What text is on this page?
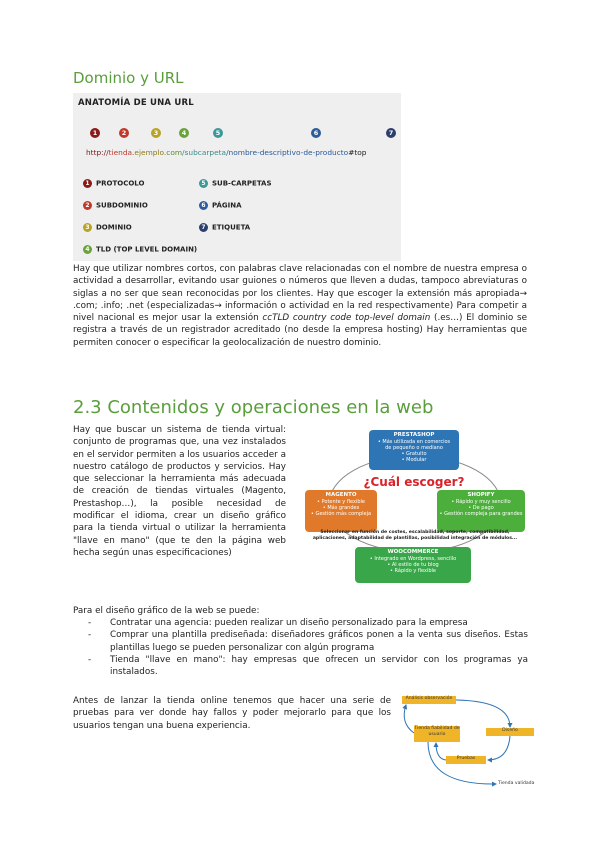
Dominio y URL
ANATOMÍA DE UNA URL
1	2	3	4	5	6	7
http://tienda.ejemplo.com/subcarpeta/nombre-descriptivo-de-producto#top
1 PROTOCOLO
2 SUBDOMINIO
3 DOMINIO
4 TLD (TOP LEVEL DOMAIN)
5 SUB-CARPETAS
6 PÁGINA
7 ETIQUETA

Hay que utilizar nombres cortos, con palabras clave relacionadas con el nombre de nuestra empresa o actividad a desarrollar, evitando usar guiones o números que lleven a dudas, tampoco abreviaturas o siglas a no ser que sean reconocidas por los clientes. Hay que escoger la extensión más apropiada→ .com; .info; .net (especializadas→ información o actividad en la red respectivamente) Para competir a nivel nacional es mejor usar la extensión ccTLD country code top-level domain (.es…) El dominio se registra a través de un registrador acreditado (no desde la empresa hosting) Hay herramientas que permiten conocer o especificar la geolocalización de nuestro dominio.

2.3 Contenidos y operaciones en la web

Hay que buscar un sistema de tienda virtual: conjunto de programas que, una vez instalados en el servidor permiten a los usuarios acceder a nuestro catálogo de productos y servicios. Hay que seleccionar la herramienta más adecuada de creación de tiendas virtuales (Magento, Prestashop…), la posible necesidad de modificar el idioma, crear un diseño gráfico para la tienda virtual o utilizar la herramienta "llave en mano" (que te den la página web hecha según unas especificaciones)

PRESTASHOP
• Más utilizada en comercios
de pequeño o mediano
• Gratuito
• Modular
¿Cuál escoger?
MAGENTO
• Potente y flexible
• Más grandes
• Gestión más compleja
SHOPIFY
• Rápido y muy sencillo
• De pago
• Gestión compleja para grandes
Seleccionar en función de costes, escalabilidad, soporte, compatibilidad, aplicaciones, adaptabilidad de plantillas, posibilidad integración de módulos...
WOOCOMMERCE
• Integrado en Wordpress, sencillo
• Al estilo de tu blog
• Rápido y flexible

Para el diseño gráfico de la web se puede:

- Contratar una agencia: pueden realizar un diseño personalizado para la empresa
- Comprar una plantilla prediseñada: diseñadores gráficos ponen a la venta sus diseños. Estas plantillas luego se pueden personalizar con algún programa
- Tienda "llave en mano": hay empresas que ofrecen un servidor con los programas ya instalados.

Antes de lanzar la tienda online tenemos que hacer una serie de pruebas para ver donde hay fallos y poder mejorarlo para que los usuarios tengan una buena experiencia.

Análisis observación
Tienda fiabilidad de usuario
Diseño
Pruebas
Tienda validada
